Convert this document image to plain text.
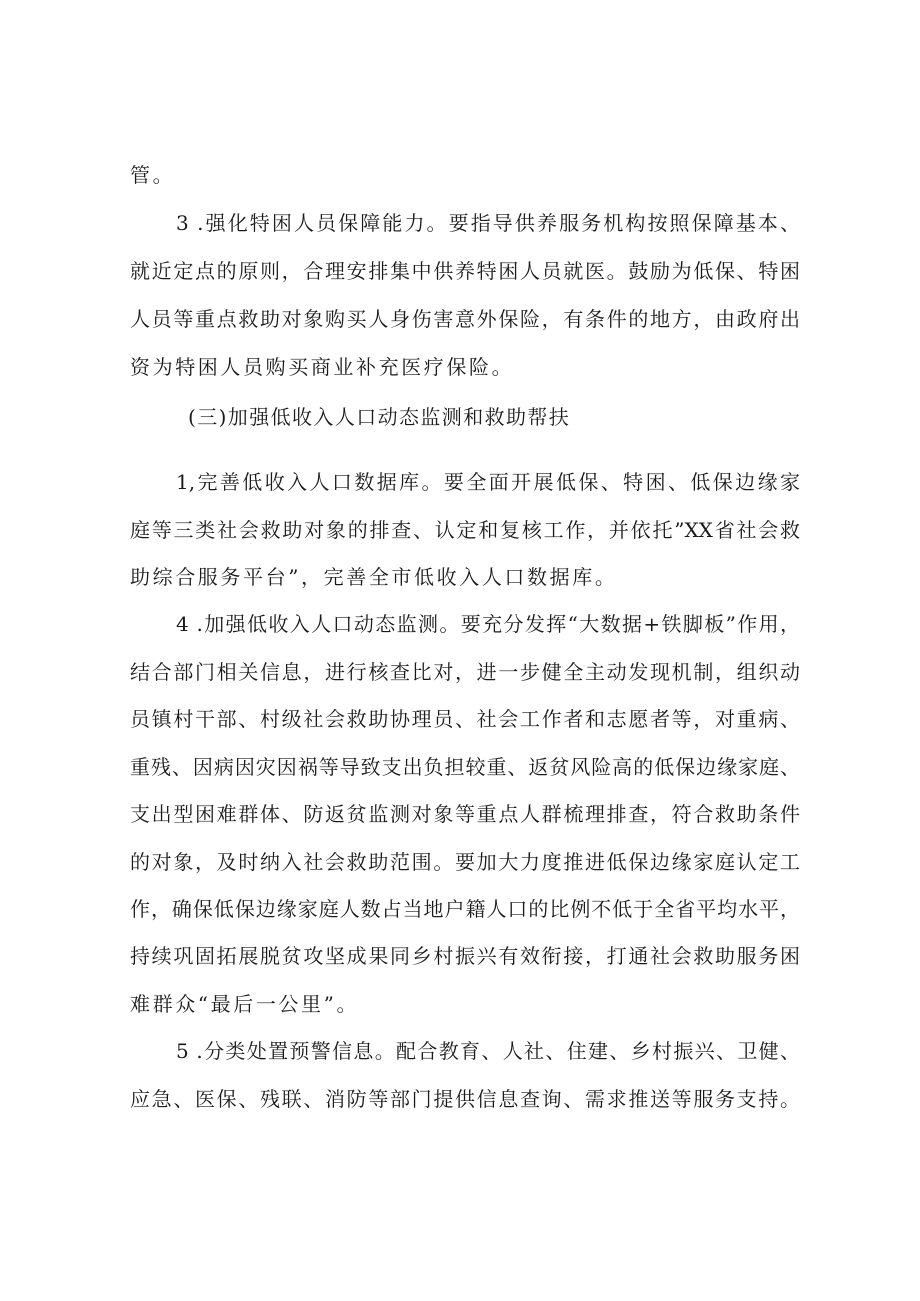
管。
3 .强化特困人员保障能力。要指导供养服务机构按照保障基本、
就近定点的原则，合理安排集中供养特困人员就医。鼓励为低保、特困
人员等重点救助对象购买人身伤害意外保险，有条件的地方，由政府出
资为特困人员购买商业补充医疗保险。
(三)加强低收入人口动态监测和救助帮扶
1,完善低收入人口数据库。要全面开展低保、特困、低保边缘家
庭等三类社会救助对象的排查、认定和复核工作，并依托”XX省社会救
助综合服务平台”，完善全市低收入人口数据库。
4 .加强低收入人口动态监测。要充分发挥“大数据+铁脚板”作用，
结合部门相关信息，进行核查比对，进一步健全主动发现机制，组织动
员镇村干部、村级社会救助协理员、社会工作者和志愿者等，对重病、
重残、因病因灾因祸等导致支出负担较重、返贫风险高的低保边缘家庭、
支出型困难群体、防返贫监测对象等重点人群梳理排查，符合救助条件
的对象，及时纳入社会救助范围。要加大力度推进低保边缘家庭认定工
作，确保低保边缘家庭人数占当地户籍人口的比例不低于全省平均水平，
持续巩固拓展脱贫攻坚成果同乡村振兴有效衔接，打通社会救助服务困
难群众“最后一公里”。
5 .分类处置预警信息。配合教育、人社、住建、乡村振兴、卫健、
应急、医保、残联、消防等部门提供信息查询、需求推送等服务支持。
